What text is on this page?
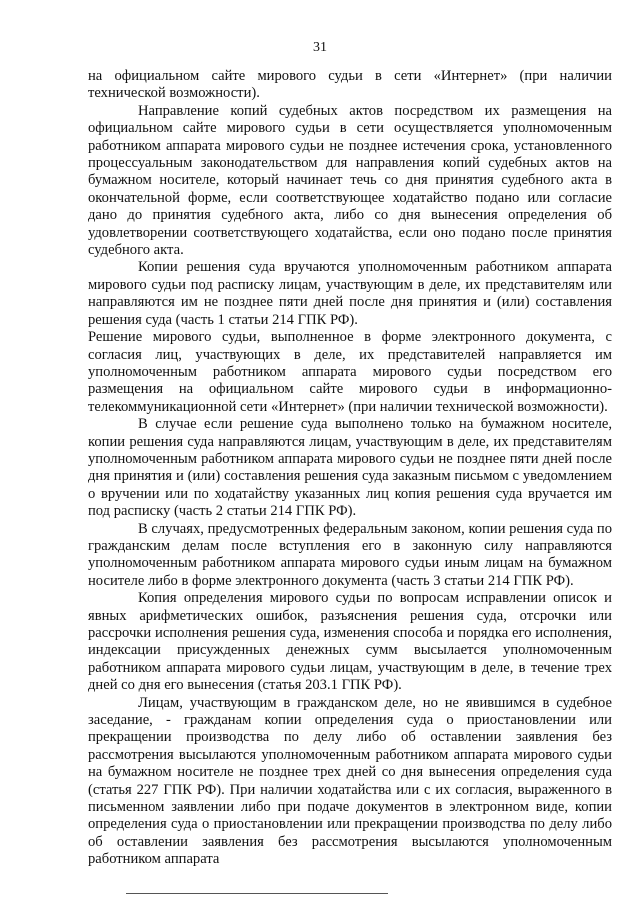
31

на официальном сайте мирового судьи в сети «Интернет» (при наличии технической возможности).

Направление копий судебных актов посредством их размещения на официальном сайте мирового судьи в сети осуществляется уполномоченным работником аппарата мирового судьи не позднее истечения срока, установленного процессуальным законодательством для направления копий судебных актов на бумажном носителе, который начинает течь со дня принятия судебного акта в окончательной форме, если соответствующее ходатайство подано или согласие дано до принятия судебного акта, либо со дня вынесения определения об удовлетворении соответствующего ходатайства, если оно подано после принятия судебного акта.

Копии решения суда вручаются уполномоченным работником аппарата мирового судьи под расписку лицам, участвующим в деле, их представителям или направляются им не позднее пяти дней после дня принятия и (или) составления решения суда (часть 1 статьи 214 ГПК РФ).

Решение мирового судьи, выполненное в форме электронного документа, с согласия лиц, участвующих в деле, их представителей направляется им уполномоченным работником аппарата мирового судьи посредством его размещения на официальном сайте мирового судьи в информационно-телекоммуникационной сети «Интернет» (при наличии технической возможности).

В случае если решение суда выполнено только на бумажном носителе, копии решения суда направляются лицам, участвующим в деле, их представителям уполномоченным работником аппарата мирового судьи не позднее пяти дней после дня принятия и (или) составления решения суда заказным письмом с уведомлением о вручении или по ходатайству указанных лиц копия решения суда вручается им под расписку (часть 2 статьи 214 ГПК РФ).

В случаях, предусмотренных федеральным законом, копии решения суда по гражданским делам после вступления его в законную силу направляются уполномоченным работником аппарата мирового судьи иным лицам на бумажном носителе либо в форме электронного документа (часть 3 статьи 214 ГПК РФ).

Копия определения мирового судьи по вопросам исправлении описок и явных арифметических ошибок, разъяснения решения суда, отсрочки или рассрочки исполнения решения суда, изменения способа и порядка его исполнения, индексации присужденных денежных сумм высылается уполномоченным работником аппарата мирового судьи лицам, участвующим в деле, в течение трех дней со дня его вынесения (статья 203.1 ГПК РФ).

Лицам, участвующим в гражданском деле, но не явившимся в судебное заседание, - гражданам копии определения суда о приостановлении или прекращении производства по делу либо об оставлении заявления без рассмотрения высылаются уполномоченным работником аппарата мирового судьи на бумажном носителе не позднее трех дней со дня вынесения определения суда (статья 227 ГПК РФ). При наличии ходатайства или с их согласия, выраженного в письменном заявлении либо при подаче документов в электронном виде, копии определения суда о приостановлении или прекращении производства по делу либо об оставлении заявления без рассмотрения высылаются уполномоченным работником аппарата
